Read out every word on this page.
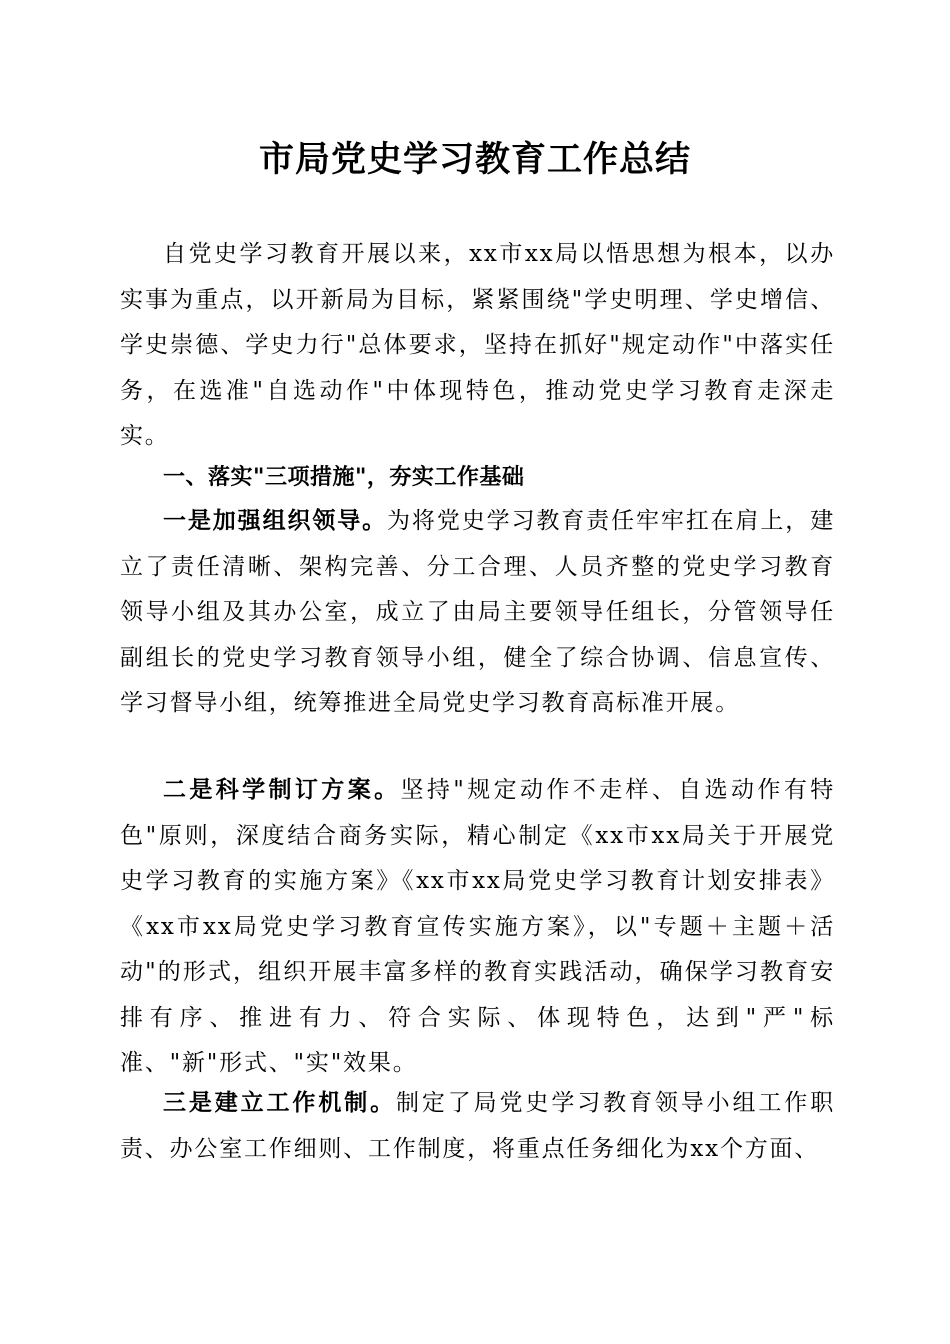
市局党史学习教育工作总结

自党史学习教育开展以来，xx市xx局以悟思想为根本，以办实事为重点，以开新局为目标，紧紧围绕"学史明理、学史增信、学史崇德、学史力行"总体要求，坚持在抓好"规定动作"中落实任务，在选准"自选动作"中体现特色，推动党史学习教育走深走实。

一、落实"三项措施"，夯实工作基础

一是加强组织领导。为将党史学习教育责任牢牢扛在肩上，建立了责任清晰、架构完善、分工合理、人员齐整的党史学习教育领导小组及其办公室，成立了由局主要领导任组长，分管领导任副组长的党史学习教育领导小组，健全了综合协调、信息宣传、学习督导小组，统筹推进全局党史学习教育高标准开展。

二是科学制订方案。坚持"规定动作不走样、自选动作有特色"原则，深度结合商务实际，精心制定《xx市xx局关于开展党史学习教育的实施方案》《xx市xx局党史学习教育计划安排表》《xx市xx局党史学习教育宣传实施方案》，以"专题＋主题＋活动"的形式，组织开展丰富多样的教育实践活动，确保学习教育安排有序、推进有力、符合实际、体现特色，达到"严"标准、"新"形式、"实"效果。

三是建立工作机制。制定了局党史学习教育领导小组工作职责、办公室工作细则、工作制度，将重点任务细化为xx个方面、
